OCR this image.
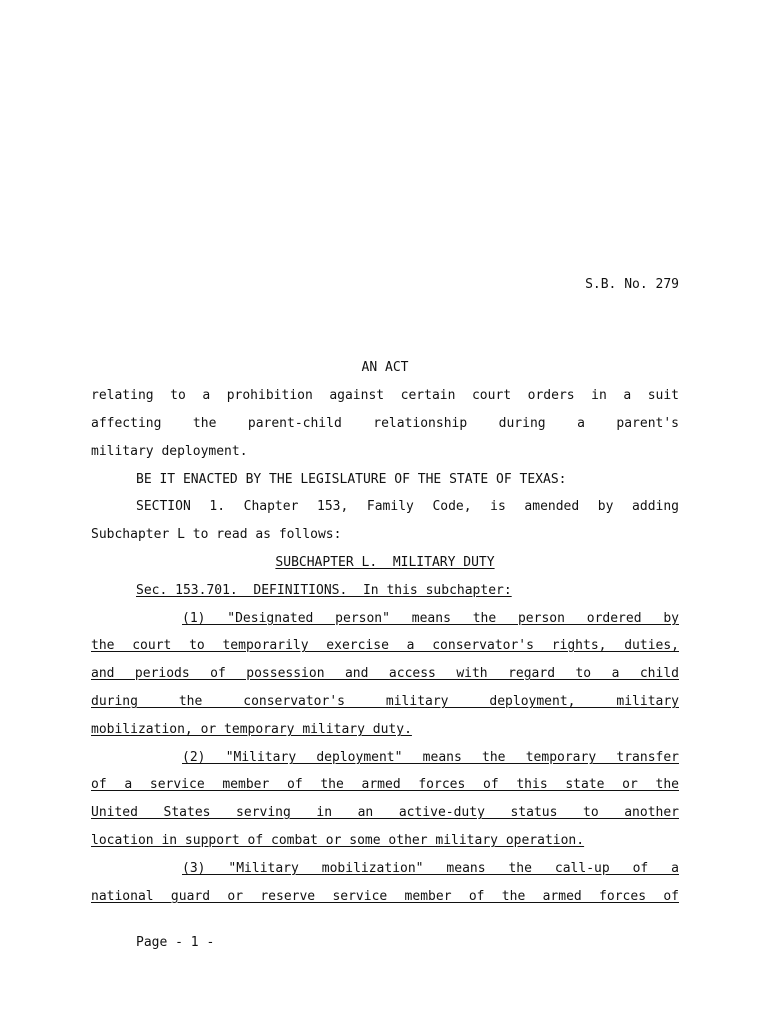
S.B. No. 279
AN ACT
relating to a prohibition against certain court orders in a suit
affecting the parent-child relationship during a parent's
military deployment.
BE IT ENACTED BY THE LEGISLATURE OF THE STATE OF TEXAS:
SECTION 1. Chapter 153, Family Code, is amended by adding
Subchapter L to read as follows:
SUBCHAPTER L.  MILITARY DUTY
Sec. 153.701.  DEFINITIONS.  In this subchapter:
(1) "Designated person" means the person ordered by
the court to temporarily exercise a conservator's rights, duties,
and periods of possession and access with regard to a child
during the conservator's military deployment, military
mobilization, or temporary military duty.
(2) "Military deployment" means the temporary transfer
of a service member of the armed forces of this state or the
United States serving in an active-duty status to another
location in support of combat or some other military operation.
(3) "Military mobilization" means the call-up of a
national guard or reserve service member of the armed forces of
Page - 1 -
